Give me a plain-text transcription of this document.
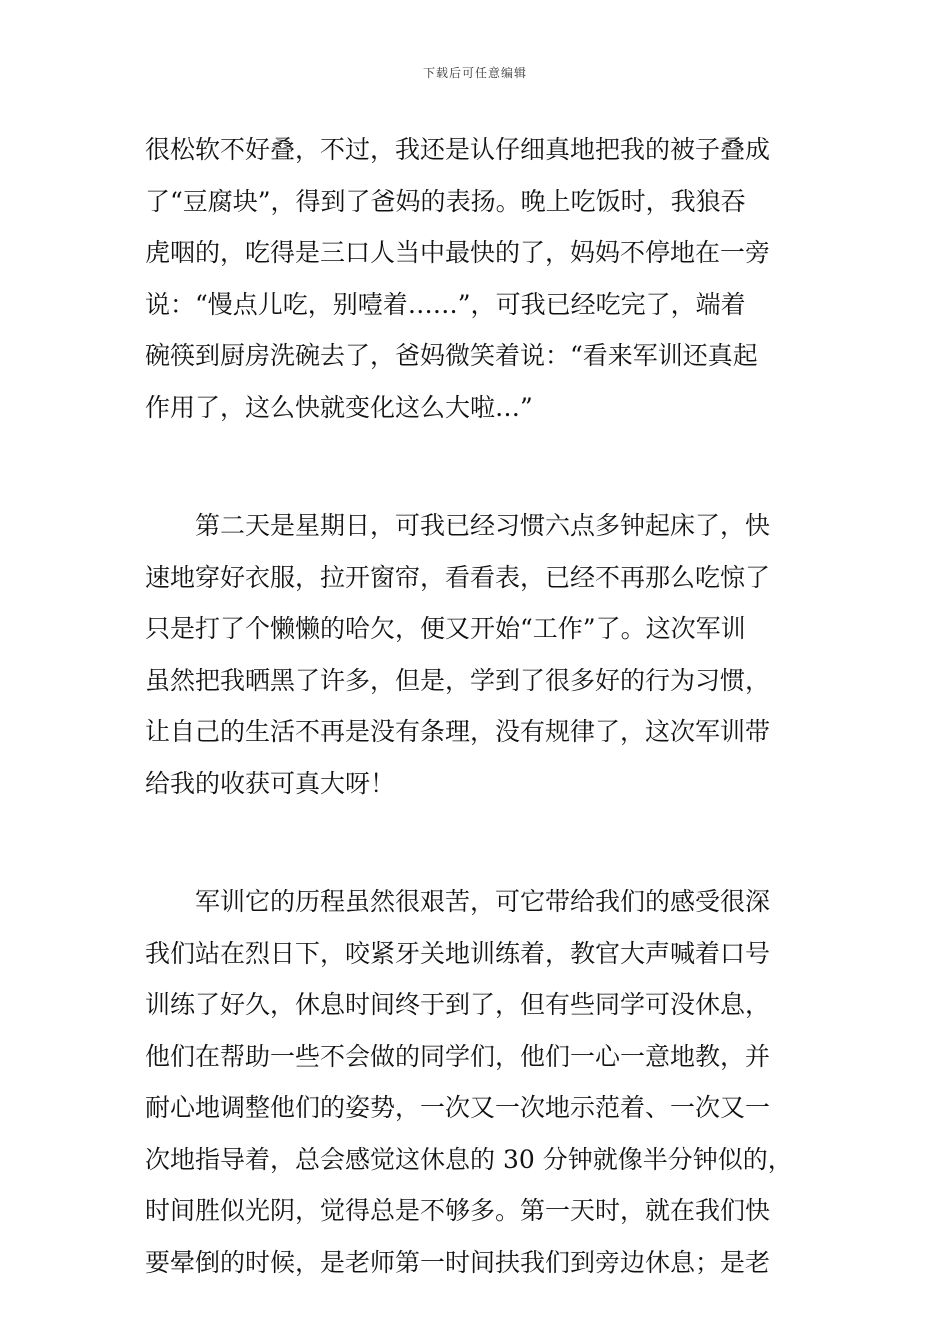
下载后可任意编辑
很松软不好叠，不过，我还是认仔细真地把我的被子叠成
了“豆腐块”，得到了爸妈的表扬。晚上吃饭时，我狼吞
虎咽的，吃得是三口人当中最快的了，妈妈不停地在一旁
说：“慢点儿吃，别噎着……”，可我已经吃完了，端着
碗筷到厨房洗碗去了，爸妈微笑着说：“看来军训还真起
作用了，这么快就变化这么大啦…”
　　第二天是星期日，可我已经习惯六点多钟起床了，快
速地穿好衣服，拉开窗帘，看看表，已经不再那么吃惊了
只是打了个懒懒的哈欠，便又开始“工作”了。这次军训
虽然把我晒黑了许多，但是，学到了很多好的行为习惯，
让自己的生活不再是没有条理，没有规律了，这次军训带
给我的收获可真大呀！
　　军训它的历程虽然很艰苦，可它带给我们的感受很深
我们站在烈日下，咬紧牙关地训练着，教官大声喊着口号
训练了好久，休息时间终于到了，但有些同学可没休息，
他们在帮助一些不会做的同学们，他们一心一意地教，并
耐心地调整他们的姿势，一次又一次地示范着、一次又一
次地指导着，总会感觉这休息的 30 分钟就像半分钟似的，
时间胜似光阴，觉得总是不够多。第一天时，就在我们快
要晕倒的时候，是老师第一时间扶我们到旁边休息；是老
